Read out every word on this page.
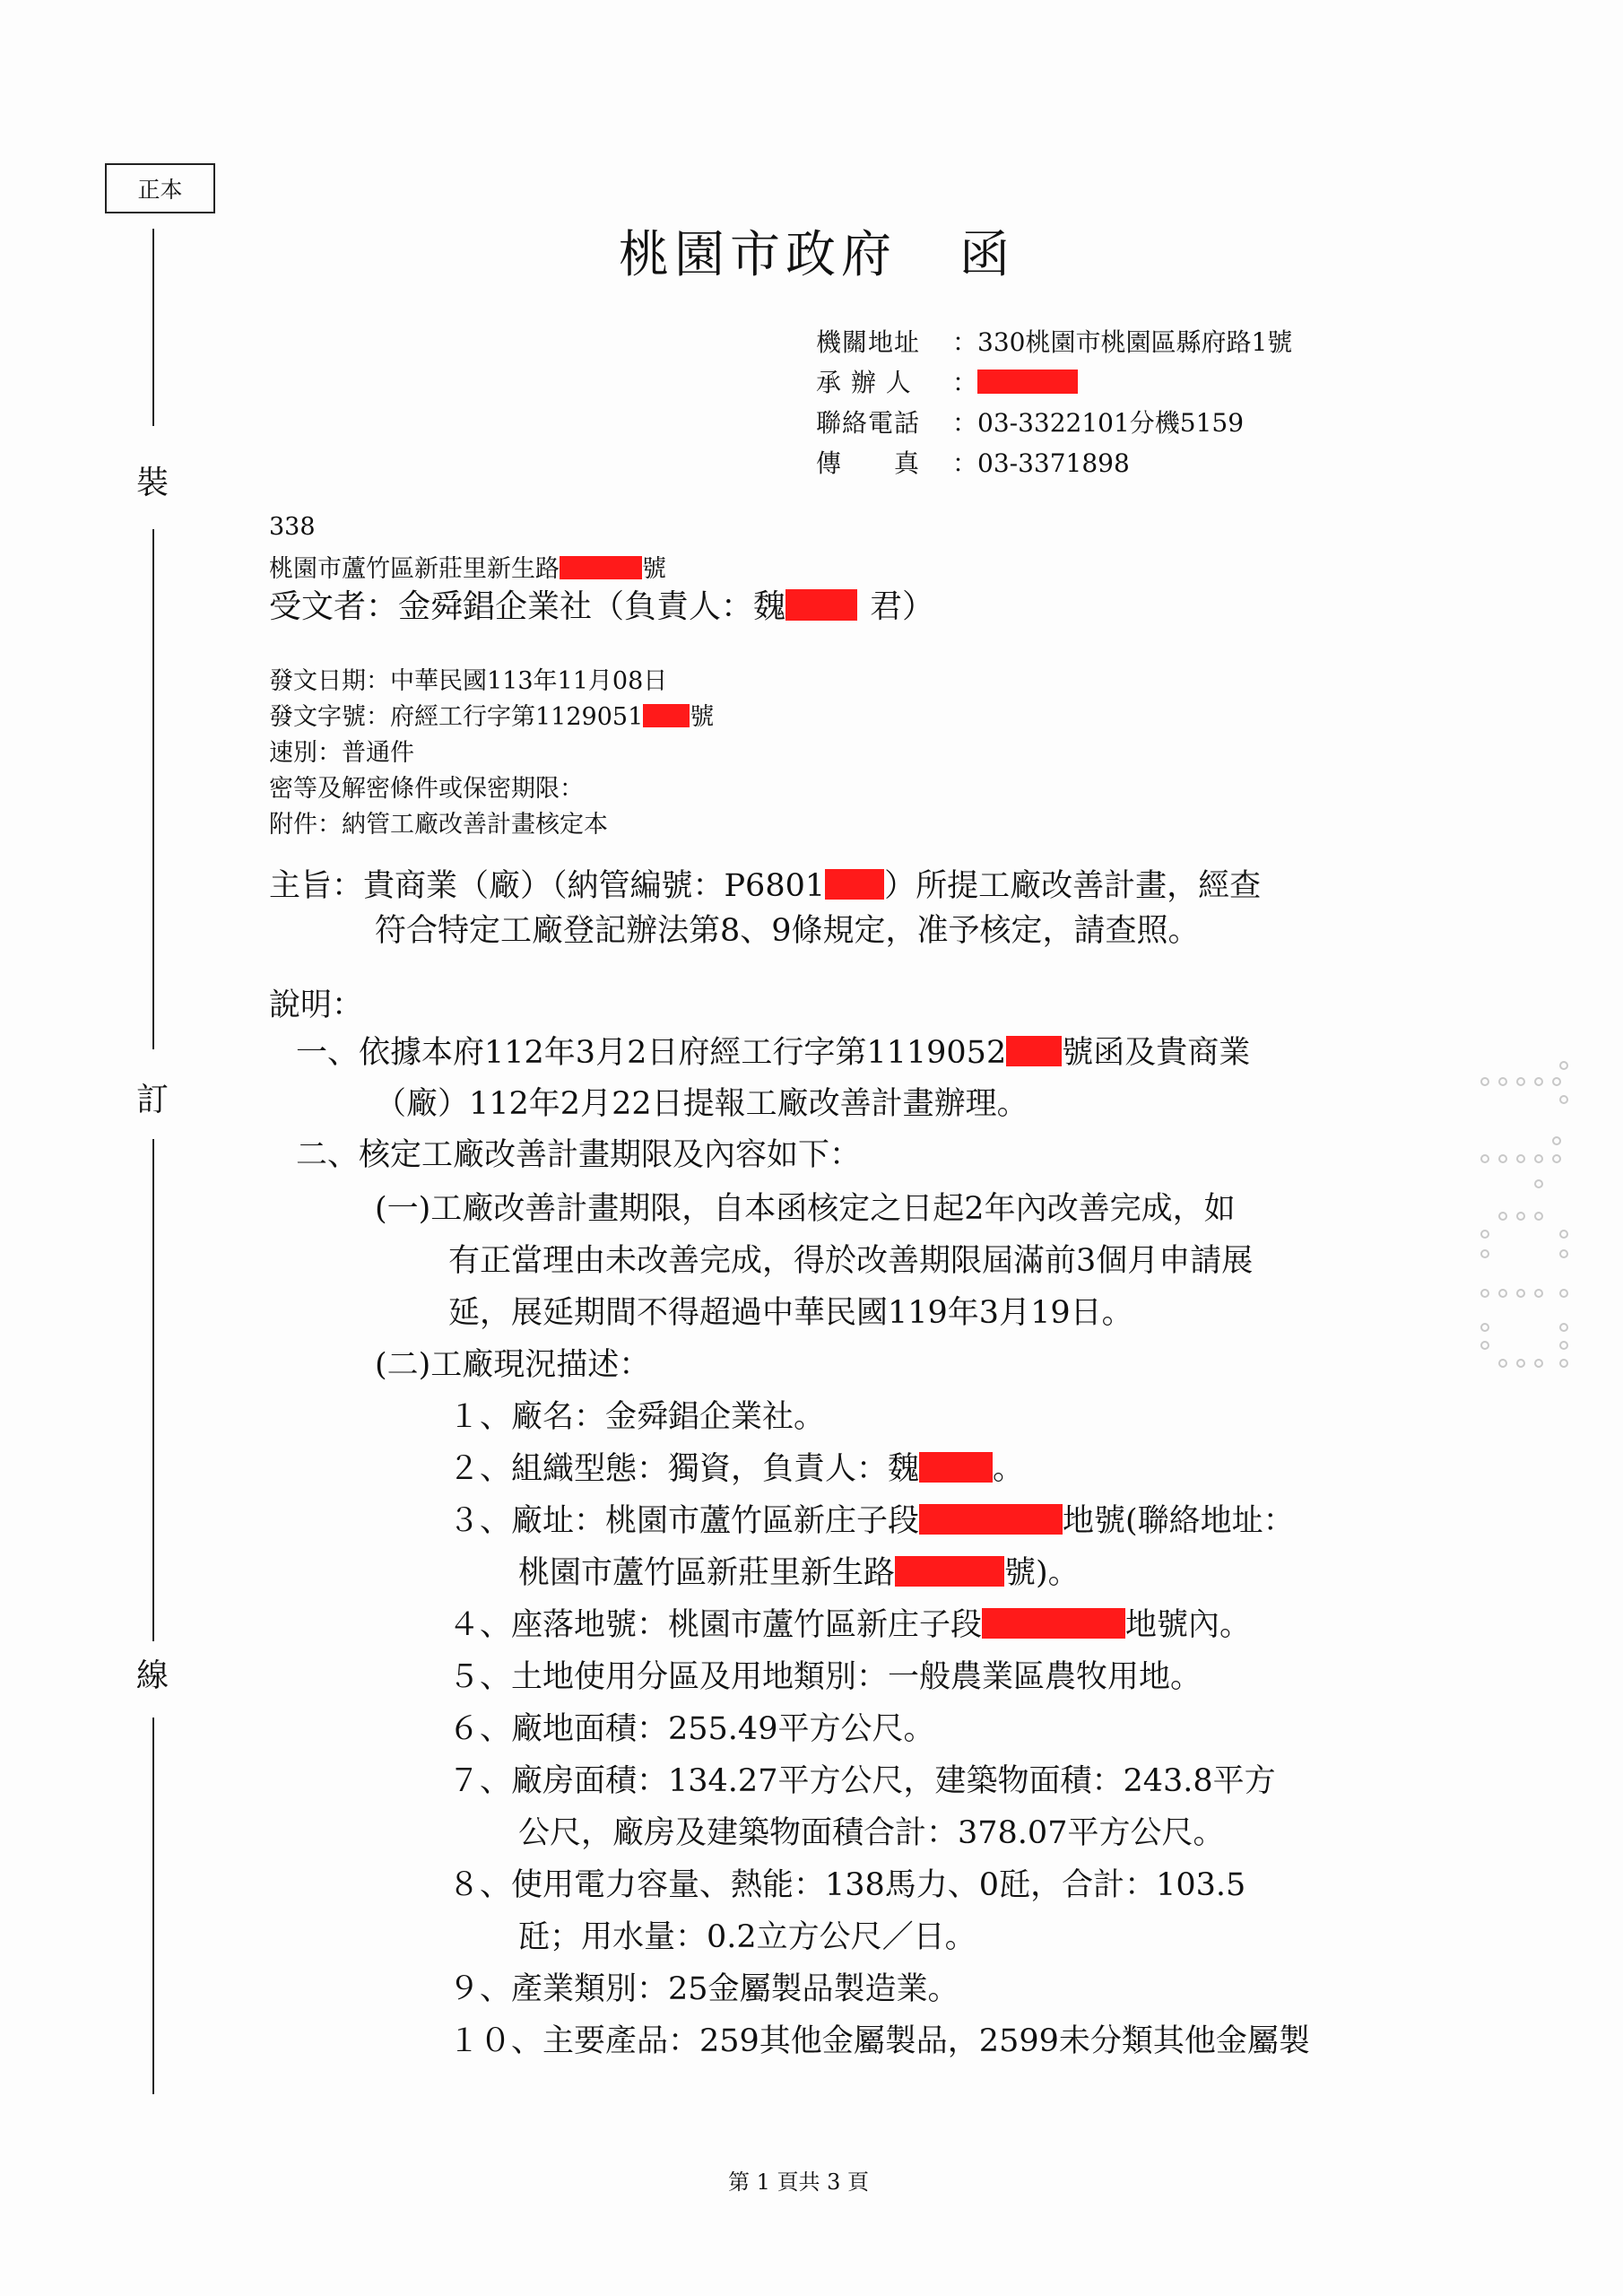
正本
裝
訂
線
桃園市政府 函
機關地址 ：330桃園市桃園區縣府路1號
承 辦 人 ：
聯絡電話 ：03-3322101分機5159
傳　　真 ：03-3371898
338
桃園市蘆竹區新莊里新生路	號
受文者：金舜錩企業社（負責人：魏	君）
發文日期：中華民國113年11月08日
發文字號：府經工行字第1129051 號
速別：普通件
密等及解密條件或保密期限：
附件：納管工廠改善計畫核定本
主旨：貴商業（廠）（納管編號：P6801 ）所提工廠改善計畫，經查
符合特定工廠登記辦法第8、9條規定，准予核定，請查照。
說明：
一、依據本府112年3月2日府經工行字第1119052 號函及貴商業
（廠）112年2月22日提報工廠改善計畫辦理。
二、核定工廠改善計畫期限及內容如下：
(一)工廠改善計畫期限，自本函核定之日起2年內改善完成，如
有正當理由未改善完成，得於改善期限屆滿前3個月申請展
延，展延期間不得超過中華民國119年3月19日。
(二)工廠現況描述：
１、廠名：金舜錩企業社。
２、組織型態：獨資，負責人：魏 。
３、廠址：桃園市蘆竹區新庄子段	地號(聯絡地址：
桃園市蘆竹區新莊里新生路	號)。
４、座落地號：桃園市蘆竹區新庄子段	地號內。
５、土地使用分區及用地類別：一般農業區農牧用地。
６、廠地面積：255.49平方公尺。
７、廠房面積：134.27平方公尺，建築物面積：243.8平方
公尺，廠房及建築物面積合計：378.07平方公尺。
８、使用電力容量、熱能：138馬力、0瓩，合計：103.5
瓩；用水量：0.2立方公尺／日。
９、產業類別：25金屬製品製造業。
１０、主要產品：259其他金屬製品，2599未分類其他金屬製
第 1 頁共 3 頁
